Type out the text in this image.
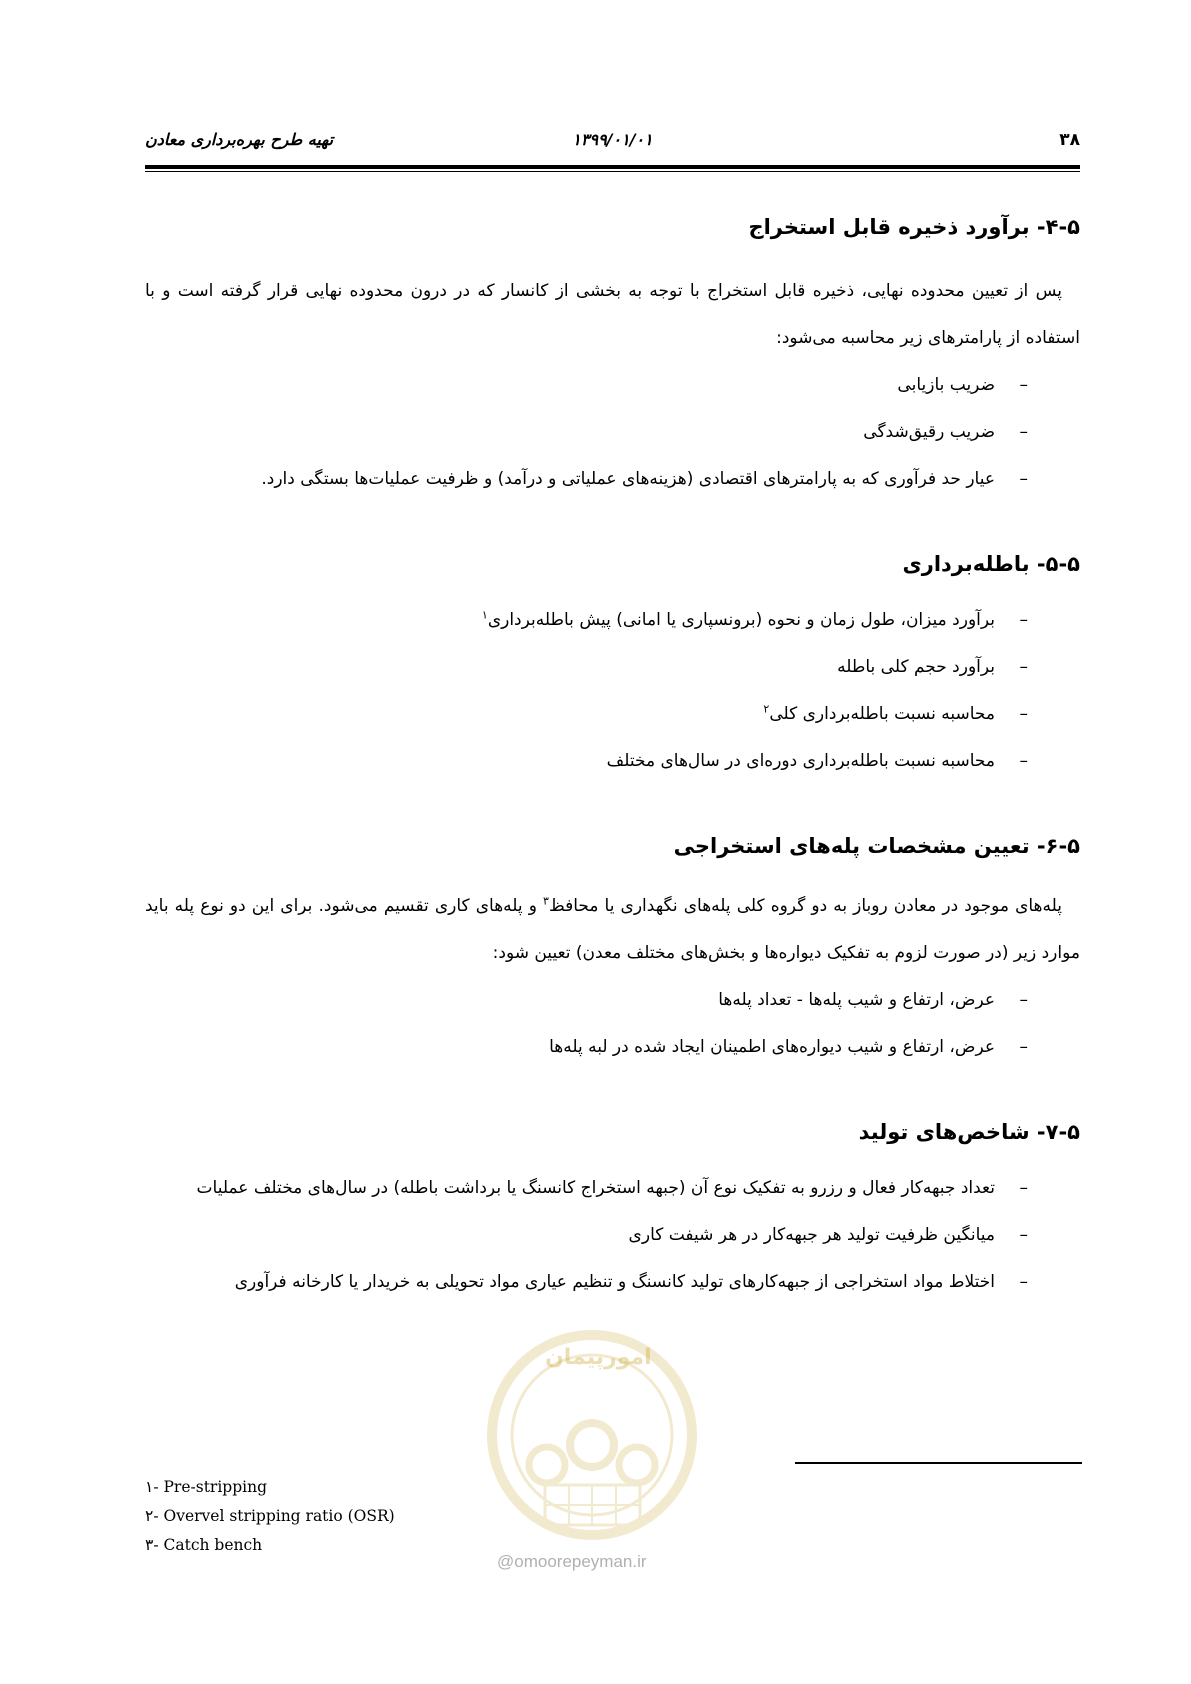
۳۸
۱۳۹۹/۰۱/۰۱
تهیه طرح بهره‌برداری معادن
۴-۵- برآورد ذخیره قابل استخراج

پس از تعیین محدوده نهایی، ذخیره قابل استخراج با توجه به بخشی از کانسار که در درون محدوده نهایی قرار گرفته است و با استفاده از پارامترهای زیر محاسبه می‌شود:

–
ضریب بازیابی
–
ضریب رقیق‌شدگی
–
عیار حد فرآوری که به پارامترهای اقتصادی (هزینه‌های عملیاتی و درآمد) و ظرفیت عملیات‌ها بستگی دارد.
۵-۵- باطله‌برداری
–
برآورد میزان، طول زمان و نحوه (برونسپاری یا امانی) پیش باطله‌برداری$^۱$
–
برآورد حجم کلی باطله
–
محاسبه نسبت باطله‌برداری کلی$^۲$
–
محاسبه نسبت باطله‌برداری دوره‌ای در سال‌های مختلف
۶-۵- تعیین مشخصات پله‌های استخراجی

پله‌های موجود در معادن روباز به دو گروه کلی پله‌های نگهداری یا محافظ$^۳$ و پله‌های کاری تقسیم می‌شود. برای این دو نوع پله باید موارد زیر (در صورت لزوم به تفکیک دیواره‌ها و بخش‌های مختلف معدن) تعیین شود:

–
عرض، ارتفاع و شیب پله‌ها - تعداد پله‌ها
–
عرض، ارتفاع و شیب دیواره‌های اطمینان ایجاد شده در لبه پله‌ها
۷-۵- شاخص‌های تولید
–
تعداد جبهه‌کار فعال و رزرو به تفکیک نوع آن (جبهه استخراج کانسنگ یا برداشت باطله) در سال‌های مختلف عملیات
–
میانگین ظرفیت تولید هر جبهه‌کار در هر شیفت کاری
–
اختلاط مواد استخراجی از جبهه‌کارهای تولید کانسنگ و تنظیم عیاری مواد تحویلی به خریدار یا کارخانه فرآوری
امورپیمان
@omoorepeyman.ir
۱- Pre-stripping
۲- Overvel stripping ratio (OSR)
۳- Catch bench
